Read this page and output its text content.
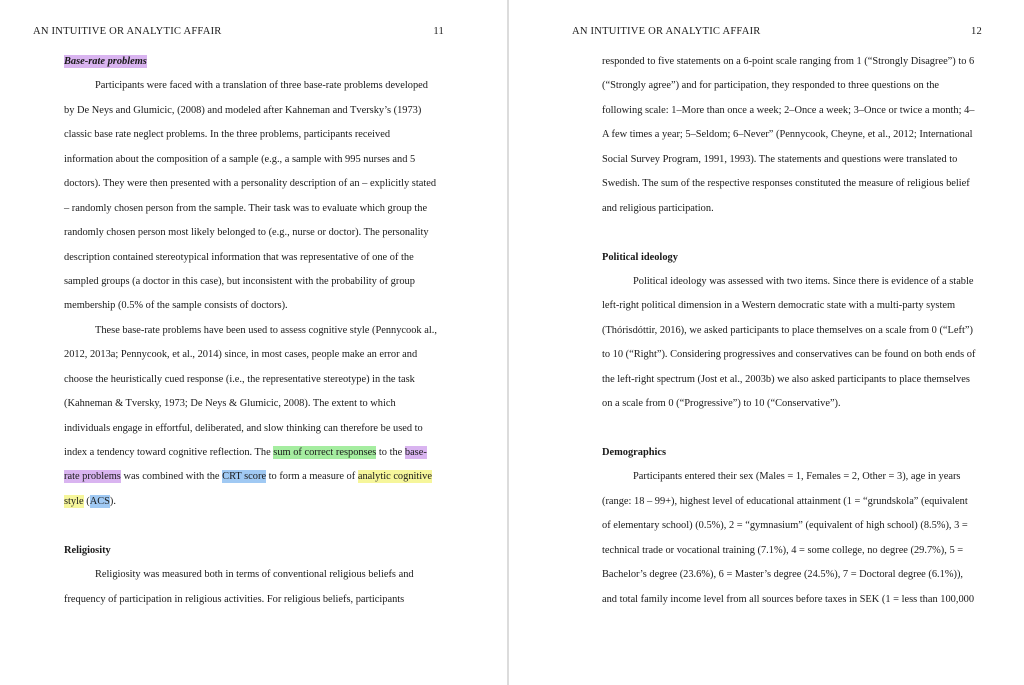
AN INTUITIVE OR ANALYTIC AFFAIR	11
Base-rate problems
Participants were faced with a translation of three base-rate problems developed
by De Neys and Glumicic, (2008) and modeled after Kahneman and Tversky’s (1973)
classic base rate neglect problems. In the three problems, participants received
information about the composition of a sample (e.g., a sample with 995 nurses and 5
doctors). They were then presented with a personality description of an – explicitly stated
– randomly chosen person from the sample. Their task was to evaluate which group the
randomly chosen person most likely belonged to (e.g., nurse or doctor). The personality
description contained stereotypical information that was representative of one of the
sampled groups (a doctor in this case), but inconsistent with the probability of group
membership (0.5% of the sample consists of doctors).
These base-rate problems have been used to assess cognitive style (Pennycook al.,
2012, 2013a; Pennycook, et al., 2014) since, in most cases, people make an error and
choose the heuristically cued response (i.e., the representative stereotype) in the task
(Kahneman & Tversky, 1973; De Neys & Glumicic, 2008). The extent to which
individuals engage in effortful, deliberated, and slow thinking can therefore be used to
index a tendency toward cognitive reflection. The sum of correct responses to the base-
rate problems was combined with the CRT score to form a measure of analytic cognitive
style (ACS).
Religiosity
Religiosity was measured both in terms of conventional religious beliefs and
frequency of participation in religious activities. For religious beliefs, participants
AN INTUITIVE OR ANALYTIC AFFAIR	12
responded to five statements on a 6-point scale ranging from 1 (“Strongly Disagree”) to 6
(“Strongly agree”) and for participation, they responded to three questions on the
following scale: 1–More than once a week; 2–Once a week; 3–Once or twice a month; 4–
A few times a year; 5–Seldom; 6–Never” (Pennycook, Cheyne, et al., 2012; International
Social Survey Program, 1991, 1993). The statements and questions were translated to
Swedish. The sum of the respective responses constituted the measure of religious belief
and religious participation.
Political ideology
Political ideology was assessed with two items. Since there is evidence of a stable
left-right political dimension in a Western democratic state with a multi-party system
(Thórisdóttir, 2016), we asked participants to place themselves on a scale from 0 (“Left”)
to 10 (“Right”). Considering progressives and conservatives can be found on both ends of
the left-right spectrum (Jost et al., 2003b) we also asked participants to place themselves
on a scale from 0 (“Progressive”) to 10 (“Conservative”).
Demographics
Participants entered their sex (Males = 1, Females = 2, Other = 3), age in years
(range: 18 – 99+), highest level of educational attainment (1 = “grundskola” (equivalent
of elementary school) (0.5%), 2 = “gymnasium” (equivalent of high school) (8.5%), 3 =
technical trade or vocational training (7.1%), 4 = some college, no degree (29.7%), 5 =
Bachelor’s degree (23.6%), 6 = Master’s degree (24.5%), 7 = Doctoral degree (6.1%)),
and total family income level from all sources before taxes in SEK (1 = less than 100,000
